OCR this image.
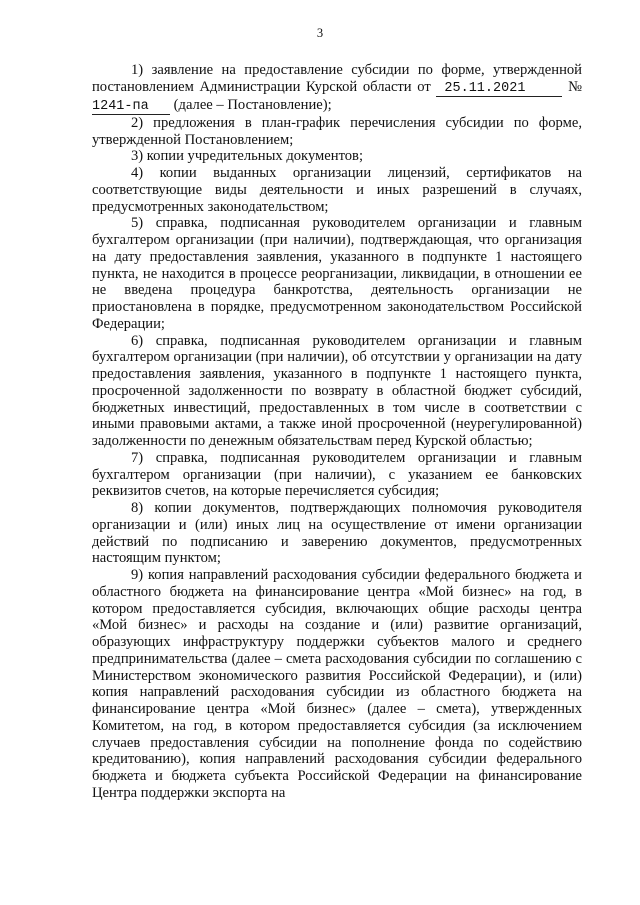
3

1) заявление на предоставление субсидии по форме, утвержденной постановлением Администрации Курской области от 25.11.2021	№ 1241-па (далее – Постановление);

2) предложения в план-график перечисления субсидии по форме, утвержденной Постановлением;

3) копии учредительных документов;

4) копии выданных организации лицензий, сертификатов на соответствующие виды деятельности и иных разрешений в случаях, предусмотренных законодательством;

5) справка, подписанная руководителем организации и главным бухгалтером организации (при наличии), подтверждающая, что организация на дату предоставления заявления, указанного в подпункте 1 настоящего пункта, не находится в процессе реорганизации, ликвидации, в отношении ее не введена процедура банкротства, деятельность организации не приостановлена в порядке, предусмотренном законодательством Российской Федерации;

6) справка, подписанная руководителем организации и главным бухгалтером организации (при наличии), об отсутствии у организации на дату предоставления заявления, указанного в подпункте 1 настоящего пункта, просроченной задолженности по возврату в областной бюджет субсидий, бюджетных инвестиций, предоставленных в том числе в соответствии с иными правовыми актами, а также иной просроченной (неурегулированной) задолженности по денежным обязательствам перед Курской областью;

7) справка, подписанная руководителем организации и главным бухгалтером организации (при наличии), с указанием ее банковских реквизитов счетов, на которые перечисляется субсидия;

8) копии документов, подтверждающих полномочия руководителя организации и (или) иных лиц на осуществление от имени организации действий по подписанию и заверению документов, предусмотренных настоящим пунктом;

9) копия направлений расходования субсидии федерального бюджета и областного бюджета на финансирование центра «Мой бизнес» на год, в котором предоставляется субсидия, включающих общие расходы центра «Мой бизнес» и расходы на создание и (или) развитие организаций, образующих инфраструктуру поддержки субъектов малого и среднего предпринимательства (далее – смета расходования субсидии по соглашению с Министерством экономического развития Российской Федерации), и (или) копия направлений расходования субсидии из областного бюджета на финансирование центра «Мой бизнес» (далее – смета), утвержденных Комитетом, на год, в котором предоставляется субсидия (за исключением случаев предоставления субсидии на пополнение фонда по содействию кредитованию), копия направлений расходования субсидии федерального бюджета и бюджета субъекта Российской Федерации на финансирование Центра поддержки экспорта на
